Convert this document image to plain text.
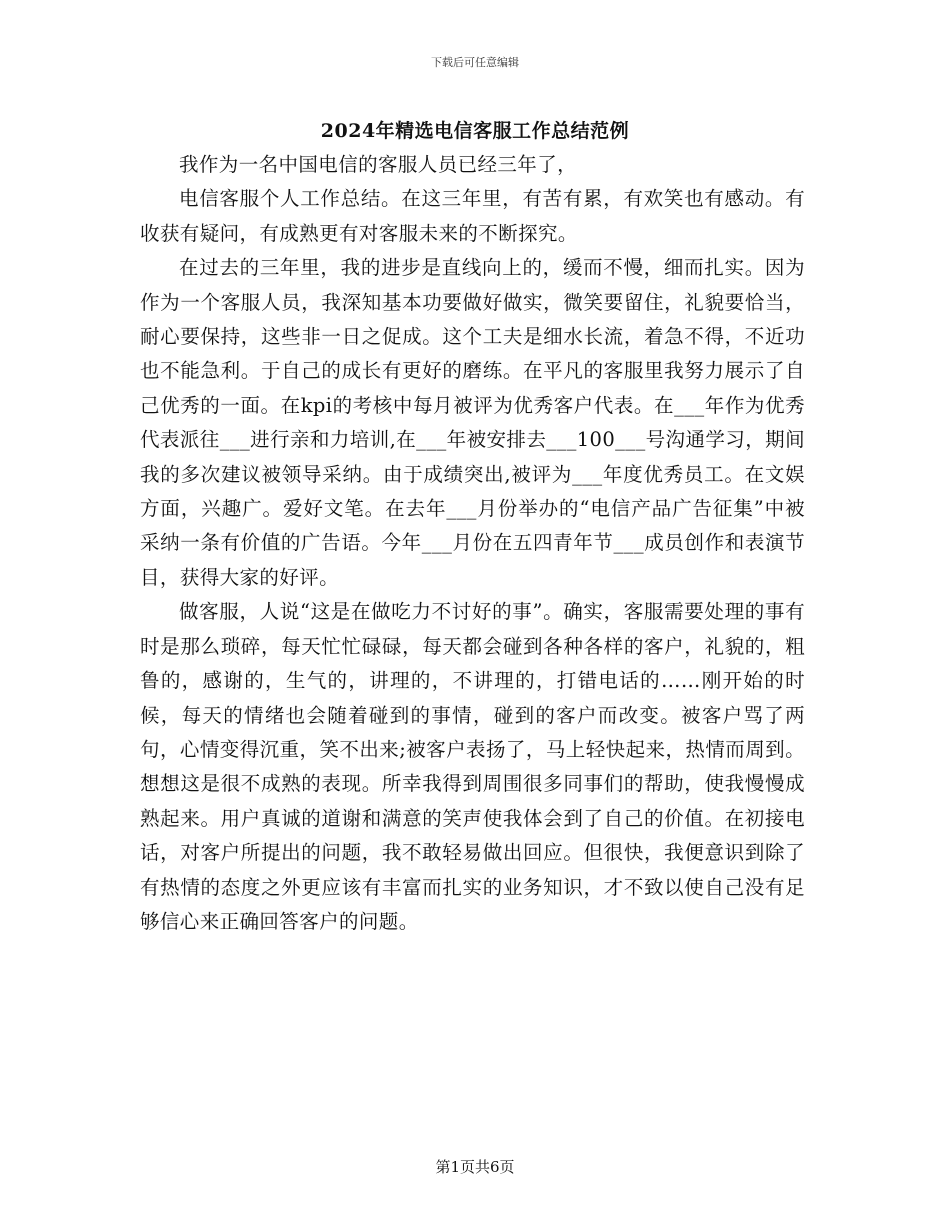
下载后可任意编辑
2024年精选电信客服工作总结范例

我作为一名中国电信的客服人员已经三年了，

电信客服个人工作总结。在这三年里，有苦有累，有欢笑也有感动。有收获有疑问，有成熟更有对客服未来的不断探究。

在过去的三年里，我的进步是直线向上的，缓而不慢，细而扎实。因为作为一个客服人员，我深知基本功要做好做实，微笑要留住，礼貌要恰当，耐心要保持，这些非一日之促成。这个工夫是细水长流，着急不得，不近功也不能急利。于自己的成长有更好的磨练。在平凡的客服里我努力展示了自己优秀的一面。在kpi的考核中每月被评为优秀客户代表。在___年作为优秀代表派往___进行亲和力培训,在___年被安排去___100___号沟通学习，期间我的多次建议被领导采纳。由于成绩突出,被评为___年度优秀员工。在文娱方面，兴趣广。爱好文笔。在去年___月份举办的“电信产品广告征集”中被采纳一条有价值的广告语。今年___月份在五四青年节___成员创作和表演节目，获得大家的好评。

做客服，人说“这是在做吃力不讨好的事”。确实，客服需要处理的事有时是那么琐碎，每天忙忙碌碌，每天都会碰到各种各样的客户，礼貌的，粗鲁的，感谢的，生气的，讲理的，不讲理的，打错电话的……刚开始的时候，每天的情绪也会随着碰到的事情，碰到的客户而改变。被客户骂了两句，心情变得沉重，笑不出来;被客户表扬了，马上轻快起来，热情而周到。想想这是很不成熟的表现。所幸我得到周围很多同事们的帮助，使我慢慢成熟起来。用户真诚的道谢和满意的笑声使我体会到了自己的价值。在初接电话，对客户所提出的问题，我不敢轻易做出回应。但很快，我便意识到除了有热情的态度之外更应该有丰富而扎实的业务知识，才不致以使自己没有足够信心来正确回答客户的问题。

第1页共6页
